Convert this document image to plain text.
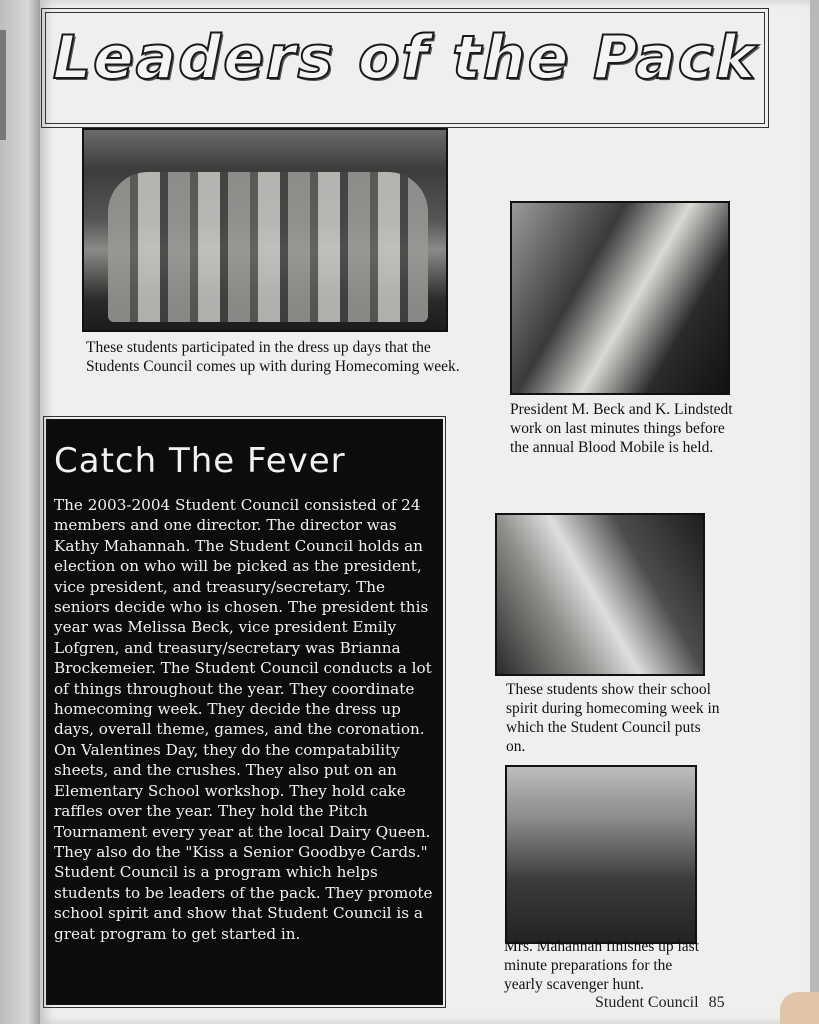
Leaders of the Pack
These students participated in the dress up days that the Students Council comes up with during Homecoming week.
President M. Beck and K. Lindstedt work on last minutes things before the annual Blood Mobile is held.
Catch The Fever

The 2003-2004 Student Council consisted of 24 members and one director. The director was Kathy Mahannah. The Student Council holds an election on who will be picked as the president, vice president, and treasury/secretary. The seniors decide who is chosen. The president this year was Melissa Beck, vice president Emily Lofgren, and treasury/secretary was Brianna Brockemeier. The Student Council conducts a lot of things throughout the year. They coordinate homecoming week. They decide the dress up days, overall theme, games, and the coronation. On Valentines Day, they do the compatability sheets, and the crushes. They also put on an Elementary School workshop. They hold cake raffles over the year. They hold the Pitch Tournament every year at the local Dairy Queen. They also do the "Kiss a Senior Goodbye Cards." Student Council is a program which helps students to be leaders of the pack. They promote school spirit and show that Student Council is a great program to get started in.

These students show their school spirit during homecoming week in which the Student Council puts on.
Mrs. Mahannah finishes up last minute preparations for the yearly scavenger hunt.
Student Council 85
